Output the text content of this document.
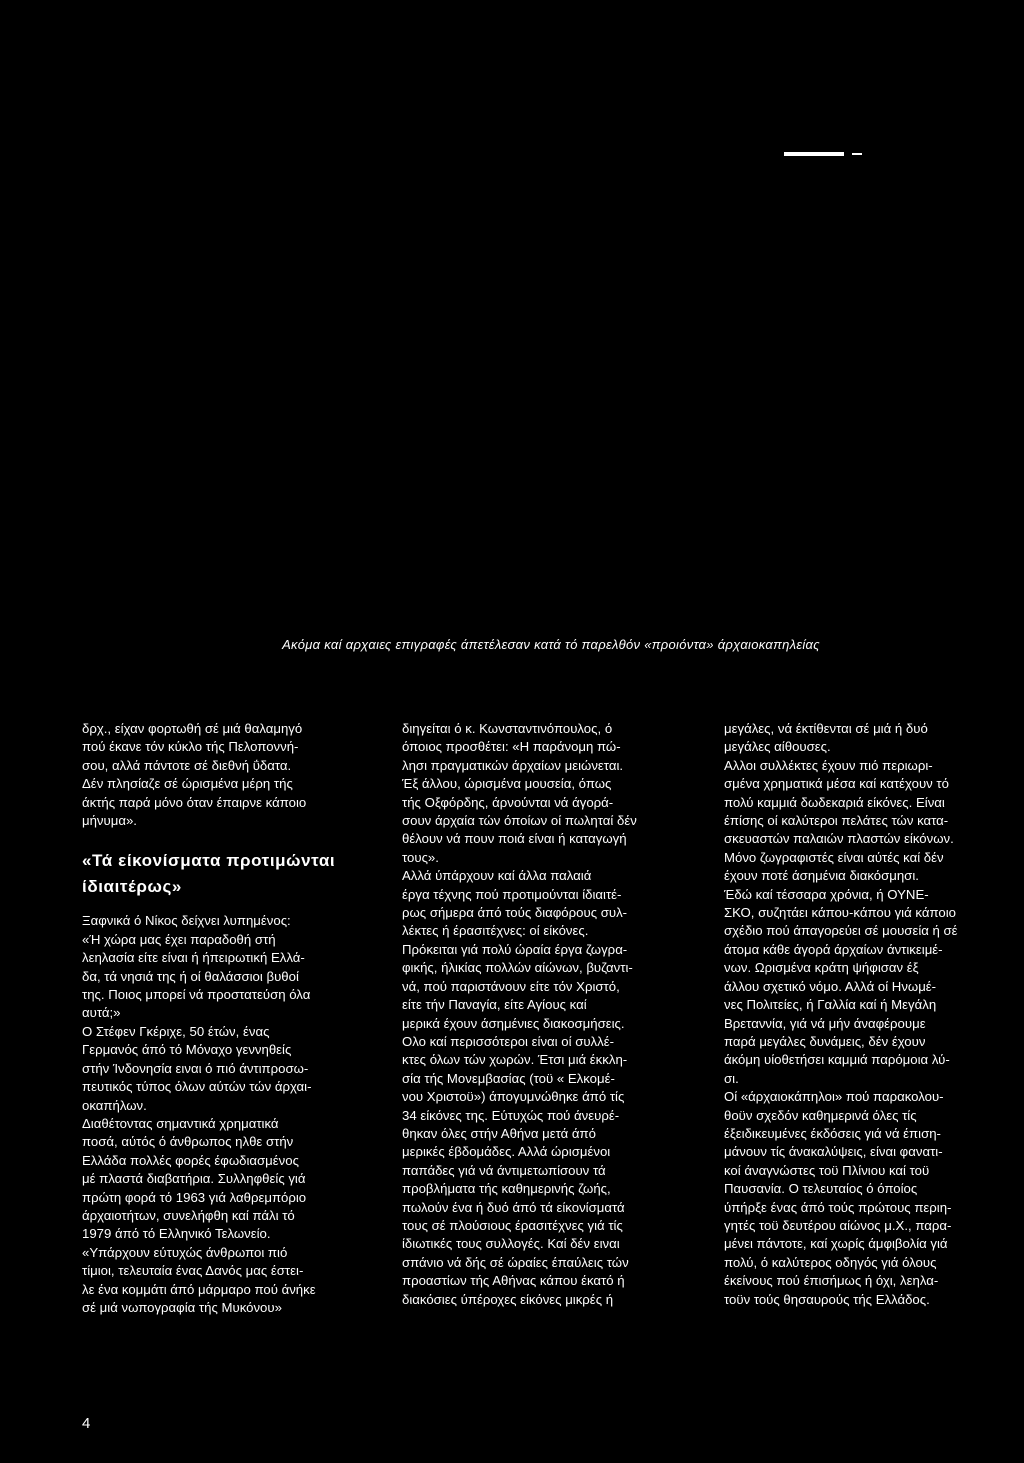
Ακόμα καί αρχαιες επιγραφές άπετέλεσαν κατά τό παρελθόν «προιόντα» άρχαιοκαπηλείας
δρχ., είχαν φορτωθή σέ μιά θαλαμηγό
πού έκανε τόν κύκλο τής Πελοποννή-
σου, αλλά πάντοτε σέ διεθνή ΰδατα.
Δέν πλησίαζε σέ ώρισμένα μέρη τής
άκτής παρά μόνο όταν έπαιρνε κάποιο
μήνυμα».
«Τά είκονίσματα προτιμώνται
ίδιαιτέρως»
Ξαφνικά ό Νίκος δείχνει λυπημένος:
«Ή χώρα μας έχει παραδοθή στή
λεηλασία είτε είναι ή ήπειρωτική Ελλά-
δα, τά νησιά της ή οί θαλάσσιοι βυθοί
της. Ποιος μπορεί νά προστατεύση όλα
αυτά;»
Ο Στέφεν Γκέριχε, 50 έτών, ένας
Γερμανός άπό τό Μόναχο γεννηθείς
στήν Ίνδονησία ειναι ό πιό άντιπροσω-
πευτικός τύπος όλων αύτών τών άρχαι-
οκαπήλων.
Διαθέτοντας σημαντικά χρηματικά
ποσά, αύτός ό άνθρωπος ηλθε στήν
Ελλάδα πολλές φορές έφωδιασμένος
μέ πλαστά διαβατήρια. Συλληφθείς γιά
πρώτη φορά τό 1963 γιά λαθρεμπόριο
άρχαιοτήτων, συνελήφθη καί πάλι τό
1979 άπό τό Ελληνικό Τελωνείο.
«Υπάρχουν εύτυχώς άνθρωποι πιό
τίμιοι, τελευταία ένας Δανός μας έστει-
λε ένα κομμάτι άπό μάρμαρο πού άνήκε
σέ μιά νωπογραφία τής Μυκόνου»
διηγείται ό κ. Κωνσταντινόπουλος, ό
όποιος προσθέτει: «Η παράνομη πώ-
λησι πραγματικών άρχαίων μειώνεται.
Έξ άλλου, ώρισμένα μουσεία, όπως
τής Οξφόρδης, άρνούνται νά άγορά-
σουν άρχαία τών όποίων οί πωληταί δέν
θέλουν νά πουν ποιά είναι ή καταγωγή
τους».
Αλλά ύπάρχουν καί άλλα παλαιά
έργα τέχνης πού προτιμούνται ίδιαιτέ-
ρως σήμερα άπό τούς διαφόρους συλ-
λέκτες ή έρασιτέχνες: οί είκόνες.
Πρόκειται γιά πολύ ώραία έργα ζωγρα-
φικής, ήλικίας πολλών αίώνων, βυζαντι-
νά, πού παριστάνουν είτε τόν Χριστό,
είτε τήν Παναγία, είτε Αγίους καί
μερικά έχουν άσημένιες διακοσμήσεις.
Ολο καί περισσότεροι είναι οί συλλέ-
κτες όλων τών χωρών. Έτσι μιά έκκλη-
σία τής Μονεμβασίας (τοϋ « Ελκομέ-
νου Χριστοϋ») άπογυμνώθηκε άπό τίς
34 είκόνες της. Εύτυχώς πού άνευρέ-
θηκαν όλες στήν Αθήνα μετά άπό
μερικές έβδομάδες. Αλλά ώρισμένοι
παπάδες γιά νά άντιμετωπίσουν τά
προβλήματα τής καθημερινής ζωής,
πωλούν ένα ή δυό άπό τά είκονίσματά
τους σέ πλούσιους έρασιτέχνες γιά τίς
ίδιωτικές τους συλλογές. Καί δέν ειναι
σπάνιο νά δής σέ ώραίες έπαύλεις τών
προαστίων τής Αθήνας κάπου έκατό ή
διακόσιες ύπέροχες είκόνες μικρές ή
μεγάλες, νά έκτίθενται σέ μιά ή δυό
μεγάλες αίθουσες.
Αλλοι συλλέκτες έχουν πιό περιωρι-
σμένα χρηματικά μέσα καί κατέχουν τό
πολύ καμμιά δωδεκαριά είκόνες. Είναι
έπίσης οί καλύτεροι πελάτες τών κατα-
σκευαστών παλαιών πλαστών είκόνων.
Μόνο ζωγραφιστές είναι αύτές καί δέν
έχουν ποτέ άσημένια διακόσμησι.
Έδώ καί τέσσαρα χρόνια, ή ΟΥΝΕ-
ΣΚΟ, συζητάει κάπου-κάπου γιά κάποιο
σχέδιο πού άπαγορεύει σέ μουσεία ή σέ
άτομα κάθε άγορά άρχαίων άντικειμέ-
νων. Ωρισμένα κράτη ψήφισαν έξ
άλλου σχετικό νόμο. Αλλά οί Ηνωμέ-
νες Πολιτείες, ή Γαλλία καί ή Μεγάλη
Βρεταννία, γιά νά μήν άναφέρουμε
παρά μεγάλες δυνάμεις, δέν έχουν
άκόμη υίοθετήσει καμμιά παρόμοια λύ-
σι.
Οί «άρχαιοκάπηλοι» πού παρακολου-
θοϋν σχεδόν καθημερινά όλες τίς
έξειδικευμένες έκδόσεις γιά νά έπιση-
μάνουν τίς άνακαλύψεις, είναι φανατι-
κοί άναγνώστες τοϋ Πλίνιου καί τοϋ
Παυσανία. Ο τελευταίος ό όποίος
ύπήρξε ένας άπό τούς πρώτους περιη-
γητές τοϋ δευτέρου αίώνος μ.Χ., παρα-
μένει πάντοτε, καί χωρίς άμφιβολία γιά
πολύ, ό καλύτερος οδηγός γιά όλους
έκείνους πού έπισήμως ή όχι, λεηλα-
τοϋν τούς θησαυρούς τής Ελλάδος.
4
